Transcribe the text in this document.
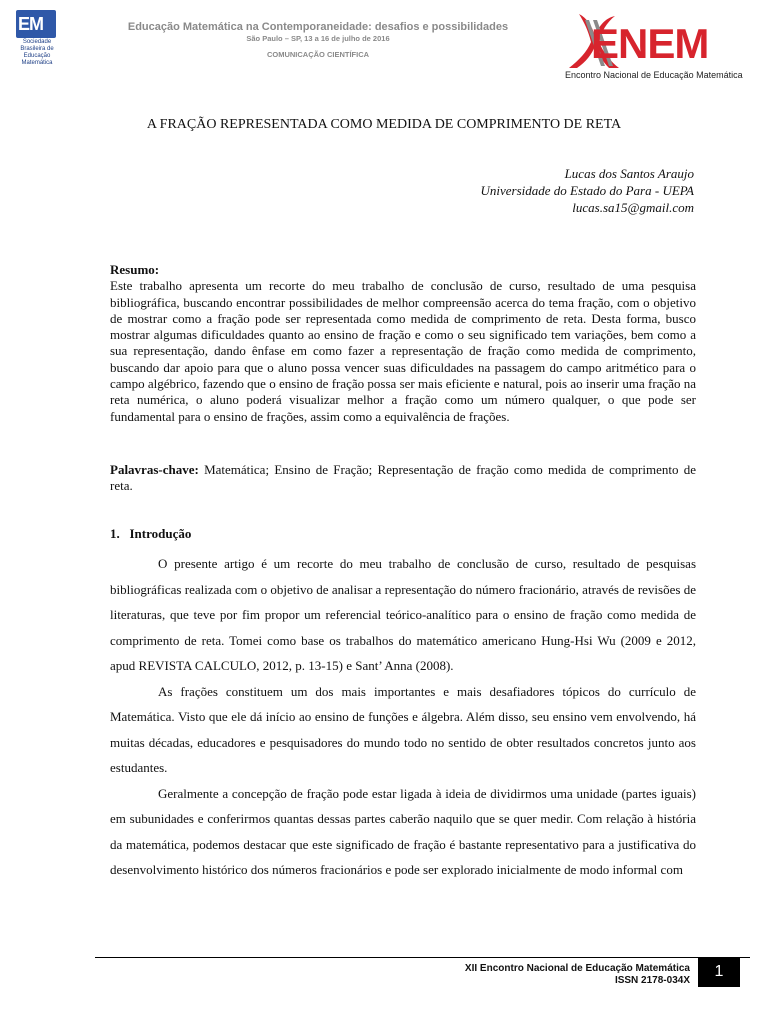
EM
Sociedade
Brasileira de
Educação
Matemática
Educação Matemática na Contemporaneidade: desafios e possibilidades
São Paulo – SP, 13 a 16 de julho de 2016
COMUNICAÇÃO CIENTÍFICA	ENEM
Encontro Nacional de Educação Matemática
A FRAÇÃO REPRESENTADA COMO MEDIDA DE COMPRIMENTO DE RETA
Lucas dos Santos Araujo
Universidade do Estado do Para - UEPA
lucas.sa15@gmail.com
Resumo:
Este trabalho apresenta um recorte do meu trabalho de conclusão de curso, resultado de uma pesquisa bibliográfica, buscando encontrar possibilidades de melhor compreensão acerca do tema fração, com o objetivo de mostrar como a fração pode ser representada como medida de comprimento de reta. Desta forma, busco mostrar algumas dificuldades quanto ao ensino de fração e como o seu significado tem variações, bem como a sua representação, dando ênfase em como fazer a representação de fração como medida de comprimento, buscando dar apoio para que o aluno possa vencer suas dificuldades na passagem do campo aritmético para o campo algébrico, fazendo que o ensino de fração possa ser mais eficiente e natural, pois ao inserir uma fração na reta numérica, o aluno poderá visualizar melhor a fração como um número qualquer, o que pode ser fundamental para o ensino de frações, assim como a equivalência de frações.
Palavras-chave: Matemática; Ensino de Fração; Representação de fração como medida de comprimento de reta.
1.   Introdução

O presente artigo é um recorte do meu trabalho de conclusão de curso, resultado de pesquisas bibliográficas realizada com o objetivo de analisar a representação do número fracionário, através de revisões de literaturas, que teve por fim propor um referencial teórico-analítico para o ensino de fração como medida de comprimento de reta. Tomei como base os trabalhos do matemático americano Hung-Hsi Wu (2009 e 2012, apud REVISTA CALCULO, 2012, p. 13-15) e Sant’ Anna (2008).

As frações constituem um dos mais importantes e mais desafiadores tópicos do currículo de Matemática. Visto que ele dá início ao ensino de funções e álgebra. Além disso, seu ensino vem envolvendo, há muitas décadas, educadores e pesquisadores do mundo todo no sentido de obter resultados concretos junto aos estudantes.

Geralmente a concepção de fração pode estar ligada à ideia de dividirmos uma unidade (partes iguais) em subunidades e conferirmos quantas dessas partes caberão naquilo que se quer medir. Com relação à história da matemática, podemos destacar que este significado de fração é bastante representativo para a justificativa do desenvolvimento histórico dos números fracionários e pode ser explorado inicialmente de modo informal com

XII Encontro Nacional de Educação Matemática
ISSN 2178-034X
1
